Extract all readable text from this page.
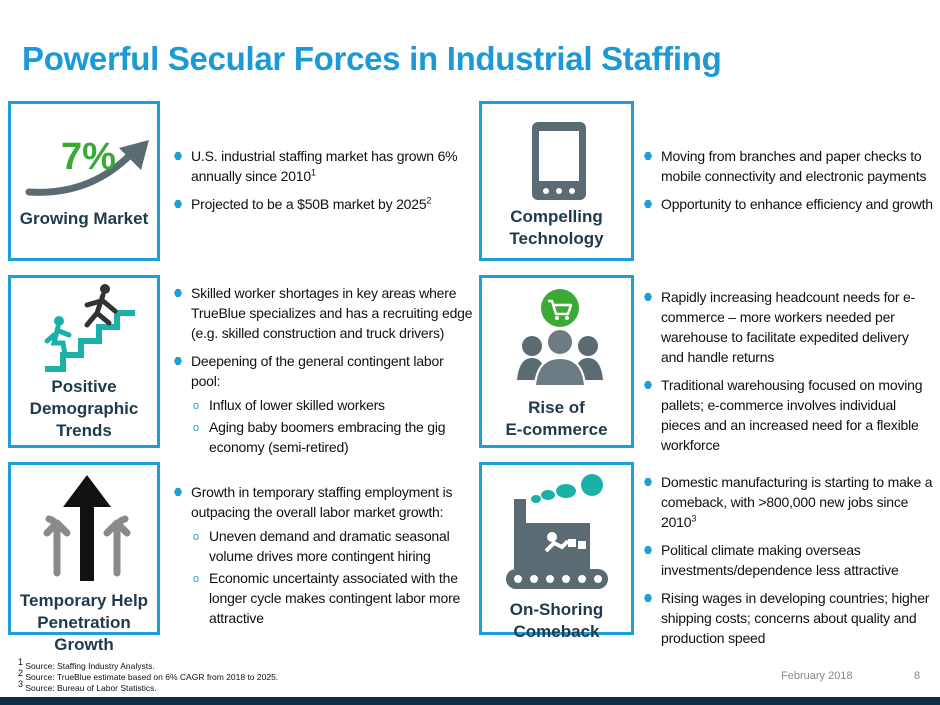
Powerful Secular Forces in Industrial Staffing
7%
Growing Market
U.S. industrial staffing market has grown 6% annually since 2010$^1$
Projected to be a $50B market by 2025$^2$
Compelling
Technology
Moving from branches and paper checks to mobile connectivity and electronic payments
Opportunity to enhance efficiency and growth
Positive
Demographic
Trends
Skilled worker shortages in key areas where TrueBlue specializes and has a recruiting edge (e.g. skilled construction and truck drivers)
Deepening of the general contingent labor pool:
o Influx of lower skilled workers
o Aging baby boomers embracing the gig economy (semi-retired)
Rise of
E-commerce
Rapidly increasing headcount needs for e-commerce – more workers needed per warehouse to facilitate expedited delivery and handle returns
Traditional warehousing focused on moving pallets; e-commerce involves individual pieces and an increased need for a flexible workforce
Temporary Help
Penetration Growth
Growth in temporary staffing employment is outpacing the overall labor market growth:
o Uneven demand and dramatic seasonal volume drives more contingent hiring
o Economic uncertainty associated with the longer cycle makes contingent labor more attractive	On-Shoring
Comeback
Domestic manufacturing is starting to make a comeback, with >800,000 new jobs since 2010$^3$
Political climate making overseas investments/dependence less attractive
Rising wages in developing countries; higher shipping costs; concerns about quality and production speed
$^1$ Source: Staffing Industry Analysts.
$^2$ Source: TrueBlue estimate based on 6% CAGR from 2018 to 2025.
$^3$ Source: Bureau of Labor Statistics.
February 2018	8
